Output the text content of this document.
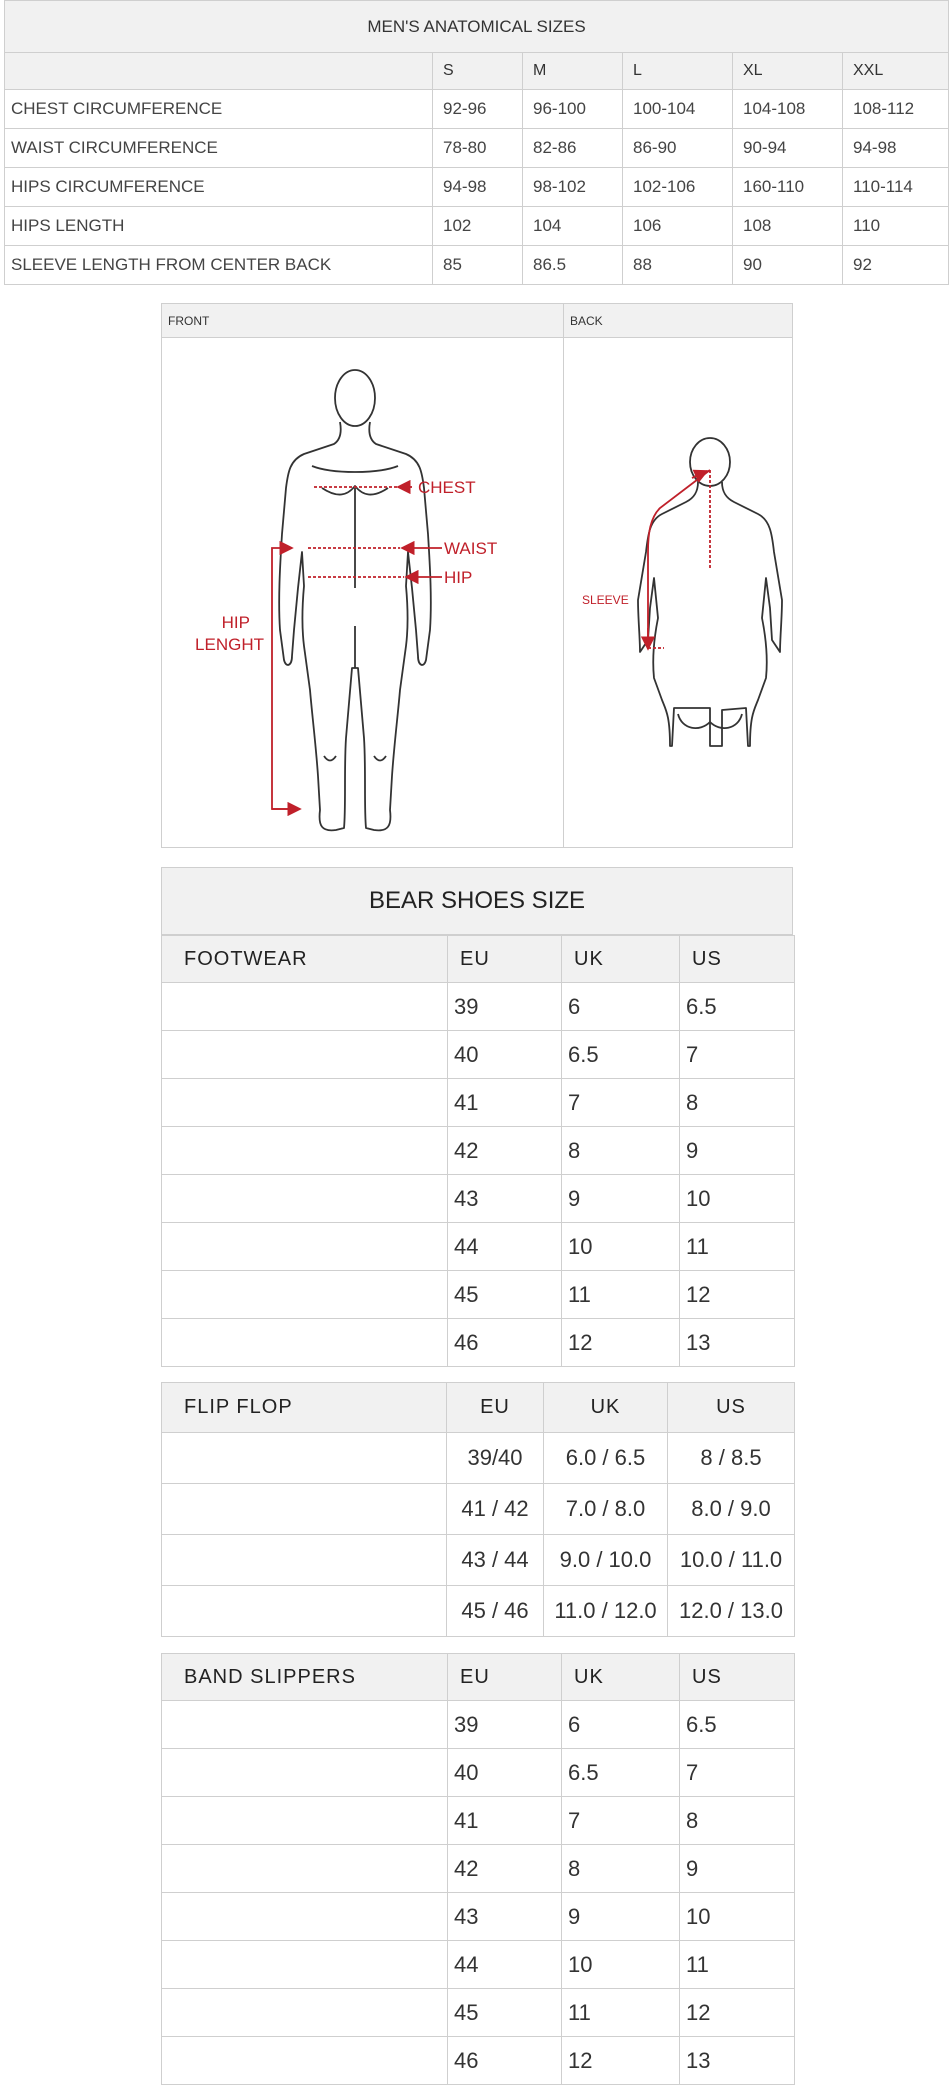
MEN'S ANATOMICAL SIZES					
	S	M	L	XL	XXL
CHEST CIRCUMFERENCE	92-96	96-100	100-104	104-108	108-112
WAIST CIRCUMFERENCE	78-80	82-86	86-90	90-94	94-98
HIPS CIRCUMFERENCE	94-98	98-102	102-106	160-110	110-114
HIPS LENGTH	102	104	106	108	110
SLEEVE LENGTH FROM CENTER BACK	85	86.5	88	90	92
FRONT	BACK
CHEST
WAIST
HIP
HIP
LENGHT
SLEEVE
BEAR SHOES SIZE
FOOTWEAR	EU	UK	US
	39	6	6.5
	40	6.5	7
	41	7	8
	42	8	9
	43	9	10
	44	10	11
	45	11	12
	46	12	13
FLIP FLOP	EU	UK	US
	39/40	6.0 / 6.5	8 / 8.5
	41 / 42	7.0 / 8.0	8.0 / 9.0
	43 / 44	9.0 / 10.0	10.0 / 11.0
	45 / 46	11.0 / 12.0	12.0 / 13.0
BAND SLIPPERS	EU	UK	US
	39	6	6.5
	40	6.5	7
	41	7	8
	42	8	9
	43	9	10
	44	10	11
	45	11	12
	46	12	13
